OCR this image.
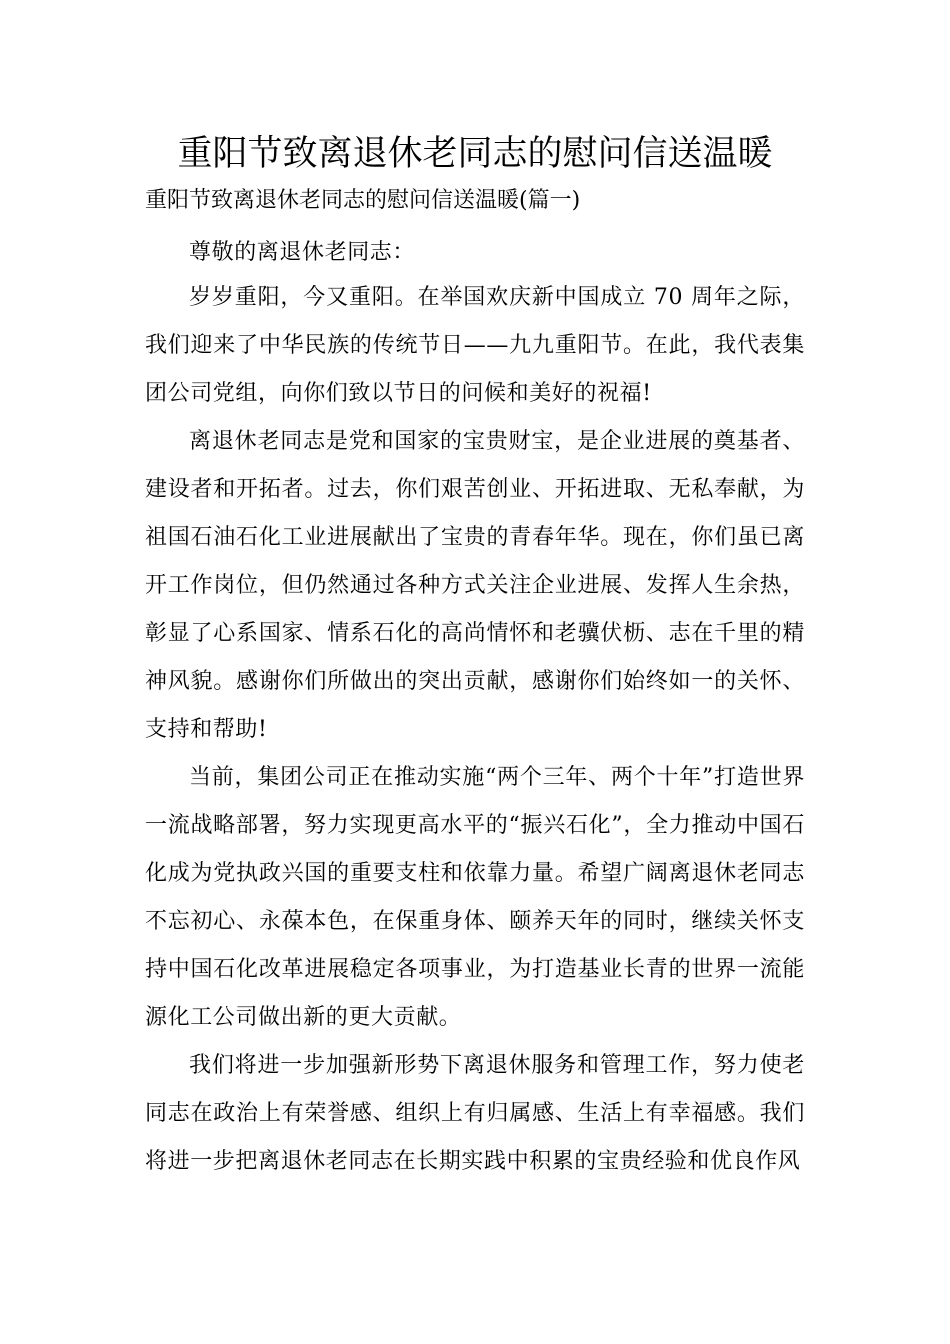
重阳节致离退休老同志的慰问信送温暖
重阳节致离退休老同志的慰问信送温暖(篇一)
尊敬的离退休老同志：

岁岁重阳，今又重阳。在举国欢庆新中国成立 70 周年之际，我们迎来了中华民族的传统节日——九九重阳节。在此，我代表集团公司党组，向你们致以节日的问候和美好的祝福!

离退休老同志是党和国家的宝贵财宝，是企业进展的奠基者、建设者和开拓者。过去，你们艰苦创业、开拓进取、无私奉献，为祖国石油石化工业进展献出了宝贵的青春年华。现在，你们虽已离开工作岗位，但仍然通过各种方式关注企业进展、发挥人生余热，彰显了心系国家、情系石化的高尚情怀和老骥伏枥、志在千里的精神风貌。感谢你们所做出的突出贡献，感谢你们始终如一的关怀、支持和帮助!

当前，集团公司正在推动实施“两个三年、两个十年”打造世界一流战略部署，努力实现更高水平的“振兴石化”，全力推动中国石化成为党执政兴国的重要支柱和依靠力量。希望广阔离退休老同志不忘初心、永葆本色，在保重身体、颐养天年的同时，继续关怀支持中国石化改革进展稳定各项事业，为打造基业长青的世界一流能源化工公司做出新的更大贡献。

我们将进一步加强新形势下离退休服务和管理工作，努力使老同志在政治上有荣誉感、组织上有归属感、生活上有幸福感。我们将进一步把离退休老同志在长期实践中积累的宝贵经验和优良作风
